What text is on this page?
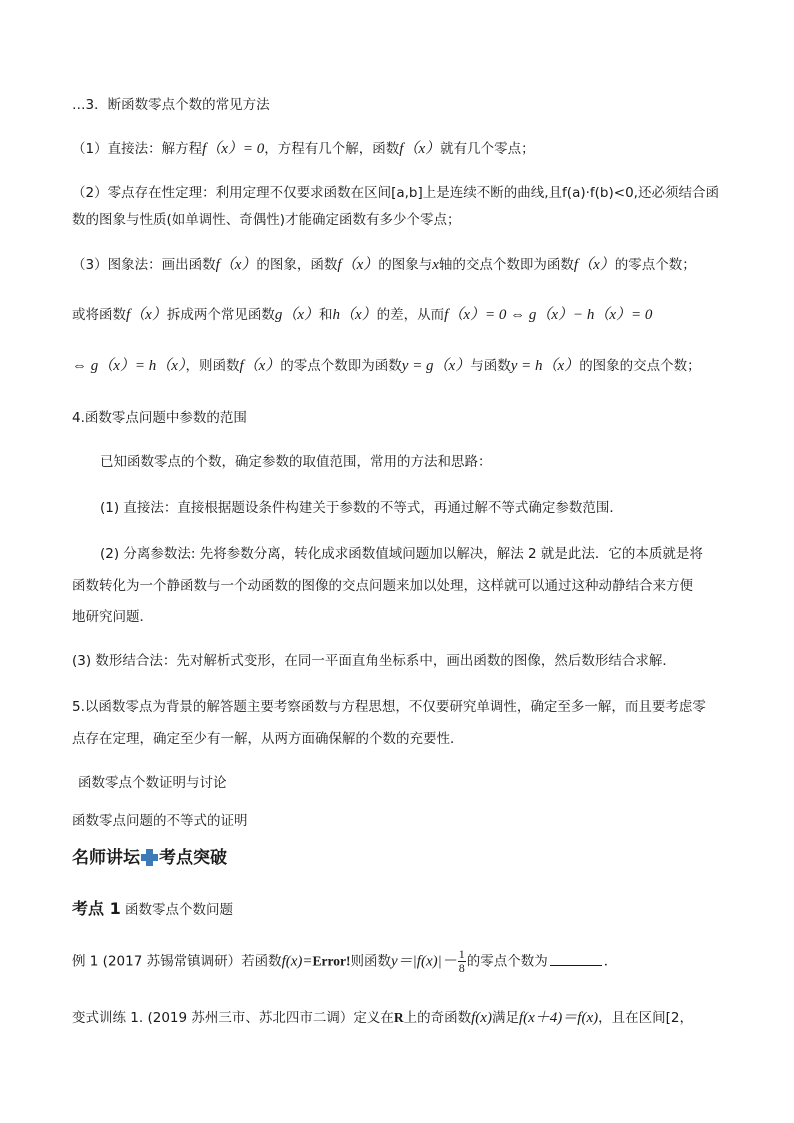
…3．断函数零点个数的常见方法
（1）直接法：解方程f（x）= 0，方程有几个解，函数f（x）就有几个零点；
（2）零点存在性定理：利用定理不仅要求函数在区间[a,b]上是连续不断的曲线,且f(a)·f(b)<0,还必须结合函
数的图象与性质(如单调性、奇偶性)才能确定函数有多少个零点；
（3）图象法：画出函数f（x）的图象，函数f（x）的图象与x轴的交点个数即为函数f（x）的零点个数；
或将函数f（x）拆成两个常见函数g（x）和h（x）的差，从而f（x）= 0 ⇔ g（x）− h（x）= 0
⇔ g（x）= h（x），则函数f（x）的零点个数即为函数y = g（x）与函数y = h（x）的图象的交点个数；
4.函数零点问题中参数的范围
已知函数零点的个数，确定参数的取值范围，常用的方法和思路：
(1) 直接法：直接根据题设条件构建关于参数的不等式，再通过解不等式确定参数范围．
(2) 分离参数法: 先将参数分离，转化成求函数值域问题加以解决，解法 2 就是此法．它的本质就是将
函数转化为一个静函数与一个动函数的图像的交点问题来加以处理，这样就可以通过这种动静结合来方便
地研究问题．
(3) 数形结合法：先对解析式变形，在同一平面直角坐标系中，画出函数的图像，然后数形结合求解．
5.以函数零点为背景的解答题主要考察函数与方程思想，不仅要研究单调性，确定至多一解，而且要考虑零
点存在定理，确定至少有一解，从两方面确保解的个数的充要性．
函数零点个数证明与讨论
函数零点问题的不等式的证明
名师讲坛 考点突破
考点 1 函数零点个数问题
例 1 (2017 苏锡常镇调研）若函数f(x)=Error!则函数$y=|f(x)|- \frac{1}{8}$ 的零点个数为	．
变式训练 1. (2019 苏州三市、苏北四市二调）定义在R上的奇函数f(x)满足f(x＋4)＝f(x)，且在区间[2，
